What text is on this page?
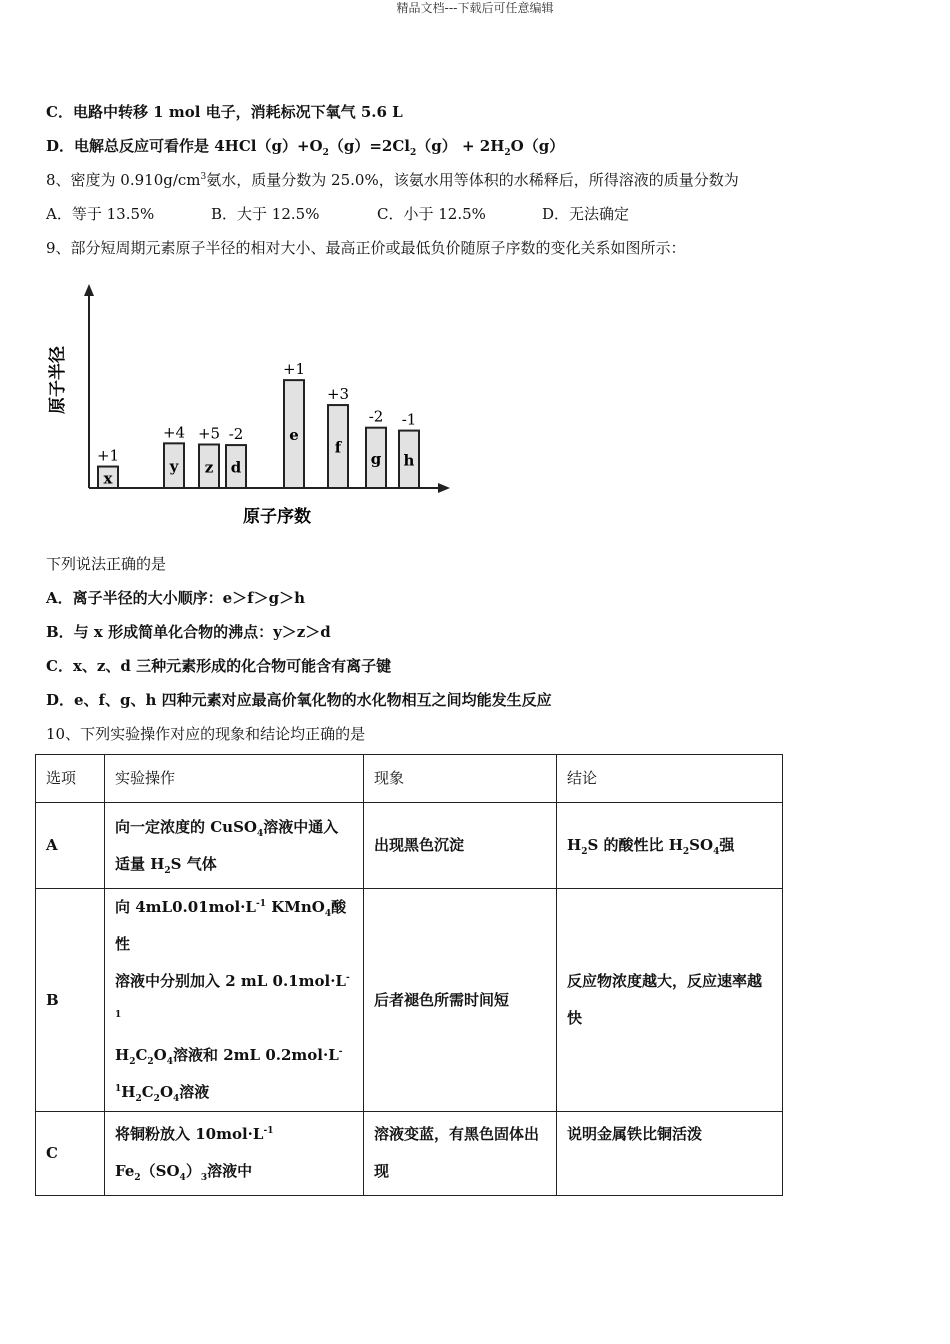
精品文档---下载后可任意编辑
C．电路中转移 1 mol 电子，消耗标况下氧气 5.6 L
D．电解总反应可看作是 $4HCl(g)+O_2(g)=2Cl_2(g) + 2H_2O(g)$
8、密度为 $0.910g/cm^3$氨水，质量分数为 25.0%，该氨水用等体积的水稀释后，所得溶液的质量分数为
A．等于 13.5%	B．大于 12.5%	C．小于 12.5%	D．无法确定
9、部分短周期元素原子半径的相对大小、最高正价或最低负价随原子序数的变化关系如图所示：
原子半径
原子序数
x
+1
y
+4
z
+5
d
-2	e
+1
f
+3
g
-2
h
-1
下列说法正确的是
A．离子半径的大小顺序：e＞f＞g＞h
B．与 x 形成简单化合物的沸点：y＞z＞d
C．x、z、d 三种元素形成的化合物可能含有离子键
D．e、f、g、h 四种元素对应最高价氧化物的水化物相互之间均能发生反应
10、下列实验操作对应的现象和结论均正确的是
选项	实验操作	现象	结论
A	向一定浓度的 CuSO$_4$溶液中通入
适量 $H_2S$ 气体	出现黑色沉淀	$H_2S$ 的酸性比 $H_2SO_4$强
B	向 $4mL0.01mol\cdot L^{-1}$ KMnO$_4$酸性
溶液中分别加入 2 mL $0.1mol\cdot L^{-1}$
$H_2C_2O_4$溶液和 2mL 0.2mol·L-
$^1H_2C_2O_4$溶液	后者褪色所需时间短	反应物浓度越大，反应速率越快
C	将铜粉放入 $10mol\cdot L^{-1}$
$Fe_2(SO_4)_3$溶液中	溶液变蓝，有黑色固体出现	说明金属铁比铜活泼
